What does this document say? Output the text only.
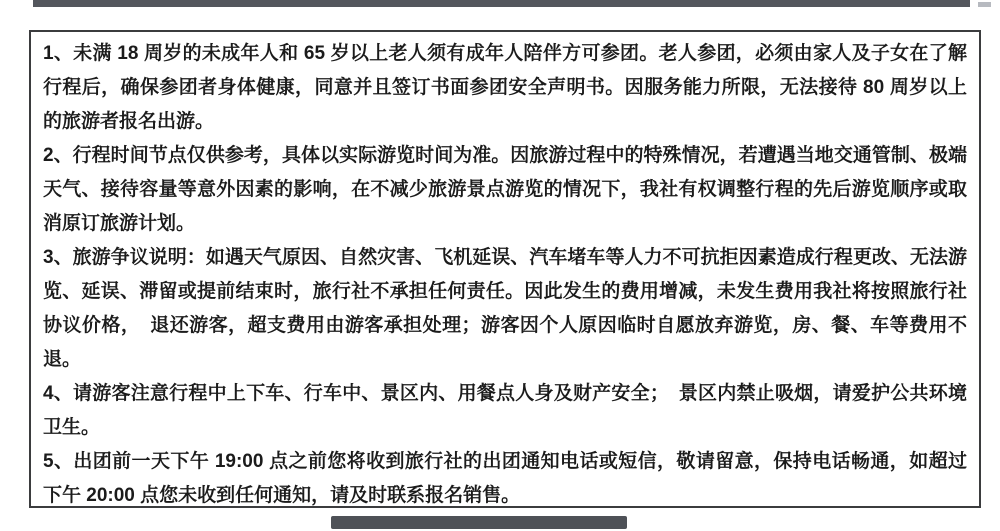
1、未满 18 周岁的未成年人和 65 岁以上老人须有成年人陪伴方可参团。老人参团，必须由家人及子女在了解行程后，确保参团者身体健康，同意并且签订书面参团安全声明书。因服务能力所限，无法接待 80 周岁以上的旅游者报名出游。

2、行程时间节点仅供参考，具体以实际游览时间为准。因旅游过程中的特殊情况，若遭遇当地交通管制、极端天气、接待容量等意外因素的影响，在不减少旅游景点游览的情况下，我社有权调整行程的先后游览顺序或取消原订旅游计划。

3、旅游争议说明：如遇天气原因、自然灾害、飞机延误、汽车堵车等人力不可抗拒因素造成行程更改、无法游览、延误、滞留或提前结束时，旅行社不承担任何责任。因此发生的费用增减，未发生费用我社将按照旅行社协议价格，　退还游客，超支费用由游客承担处理；游客因个人原因临时自愿放弃游览，房、餐、车等费用不退。

4、请游客注意行程中上下车、行车中、景区内、用餐点人身及财产安全；　景区内禁止吸烟，请爱护公共环境卫生。

5、出团前一天下午 19:00 点之前您将收到旅行社的出团通知电话或短信，敬请留意，保持电话畅通，如超过下午 20:00 点您未收到任何通知，请及时联系报名销售。
